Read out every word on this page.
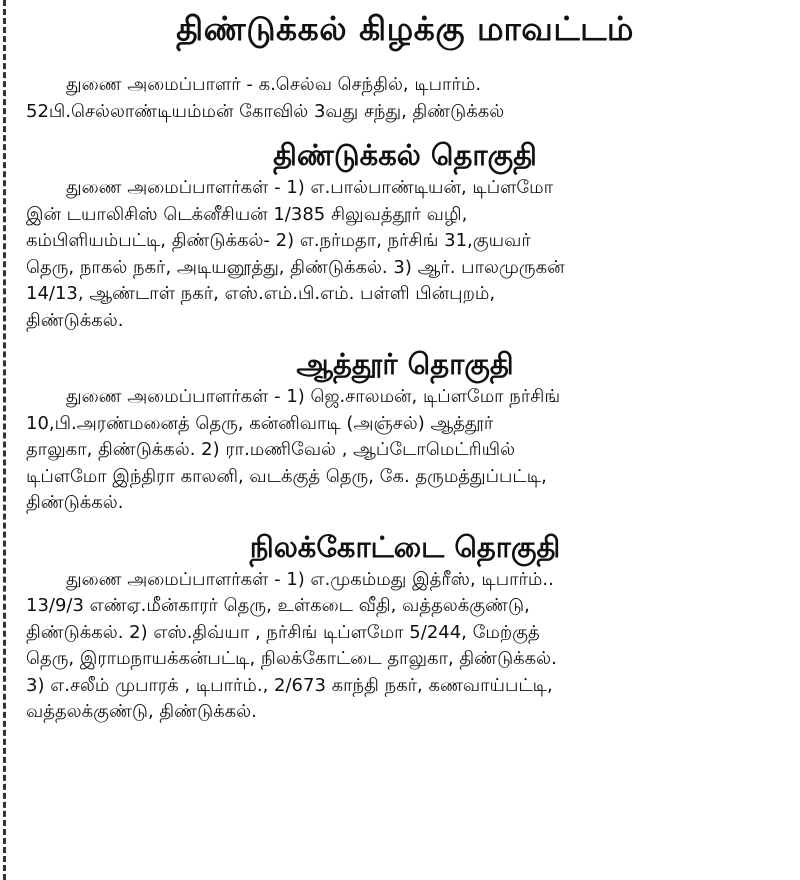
திண்டுக்கல் கிழக்கு மாவட்டம்
துணை அமைப்பாளர் - க.செல்வ செந்தில், டிபார்ம்.
52பி.செல்லாண்டியம்மன் கோவில் 3வது சந்து, திண்டுக்கல்
திண்டுக்கல் தொகுதி
துணை அமைப்பாளர்கள் - 1) எ.பால்பாண்டியன், டிப்ளமோ
இன் டயாலிசிஸ் டெக்னீசியன் 1/385 சிலுவத்தூர் வழி,
கம்பிளியம்பட்டி, திண்டுக்கல்- 2) எ.நர்மதா, நர்சிங் 31,குயவர்
தெரு, நாகல் நகர், அடியனூத்து, திண்டுக்கல். 3) ஆர். பாலமுருகன்
14/13, ஆண்டாள் நகர், எஸ்.எம்.பி.எம். பள்ளி பின்புறம்,
திண்டுக்கல்.
ஆத்தூர் தொகுதி
துணை அமைப்பாளர்கள் - 1) ஜெ.சாலமன், டிப்ளமோ நர்சிங்
10,பி.அரண்மனைத் தெரு, கன்னிவாடி (அஞ்சல்) ஆத்தூர்
தாலுகா, திண்டுக்கல். 2) ரா.மணிவேல் , ஆப்டோமெட்ரியில்
டிப்ளமோ இந்திரா காலனி, வடக்குத் தெரு, கே. தருமத்துப்பட்டி,
திண்டுக்கல்.
நிலக்கோட்டை தொகுதி
துணை அமைப்பாளர்கள் - 1) எ.முகம்மது இத்ரீஸ், டிபார்ம்..
13/9/3 எண்ஏ.மீன்காரர் தெரு, உள்கடை வீதி, வத்தலக்குண்டு,
திண்டுக்கல். 2) எஸ்.திவ்யா , நர்சிங் டிப்ளமோ 5/244, மேற்குத்
தெரு, இராமநாயக்கன்பட்டி, நிலக்கோட்டை தாலுகா, திண்டுக்கல்.
3) எ.சலீம் முபாரக் , டிபார்ம்., 2/673 காந்தி நகர், கணவாய்பட்டி,
வத்தலக்குண்டு, திண்டுக்கல்.
